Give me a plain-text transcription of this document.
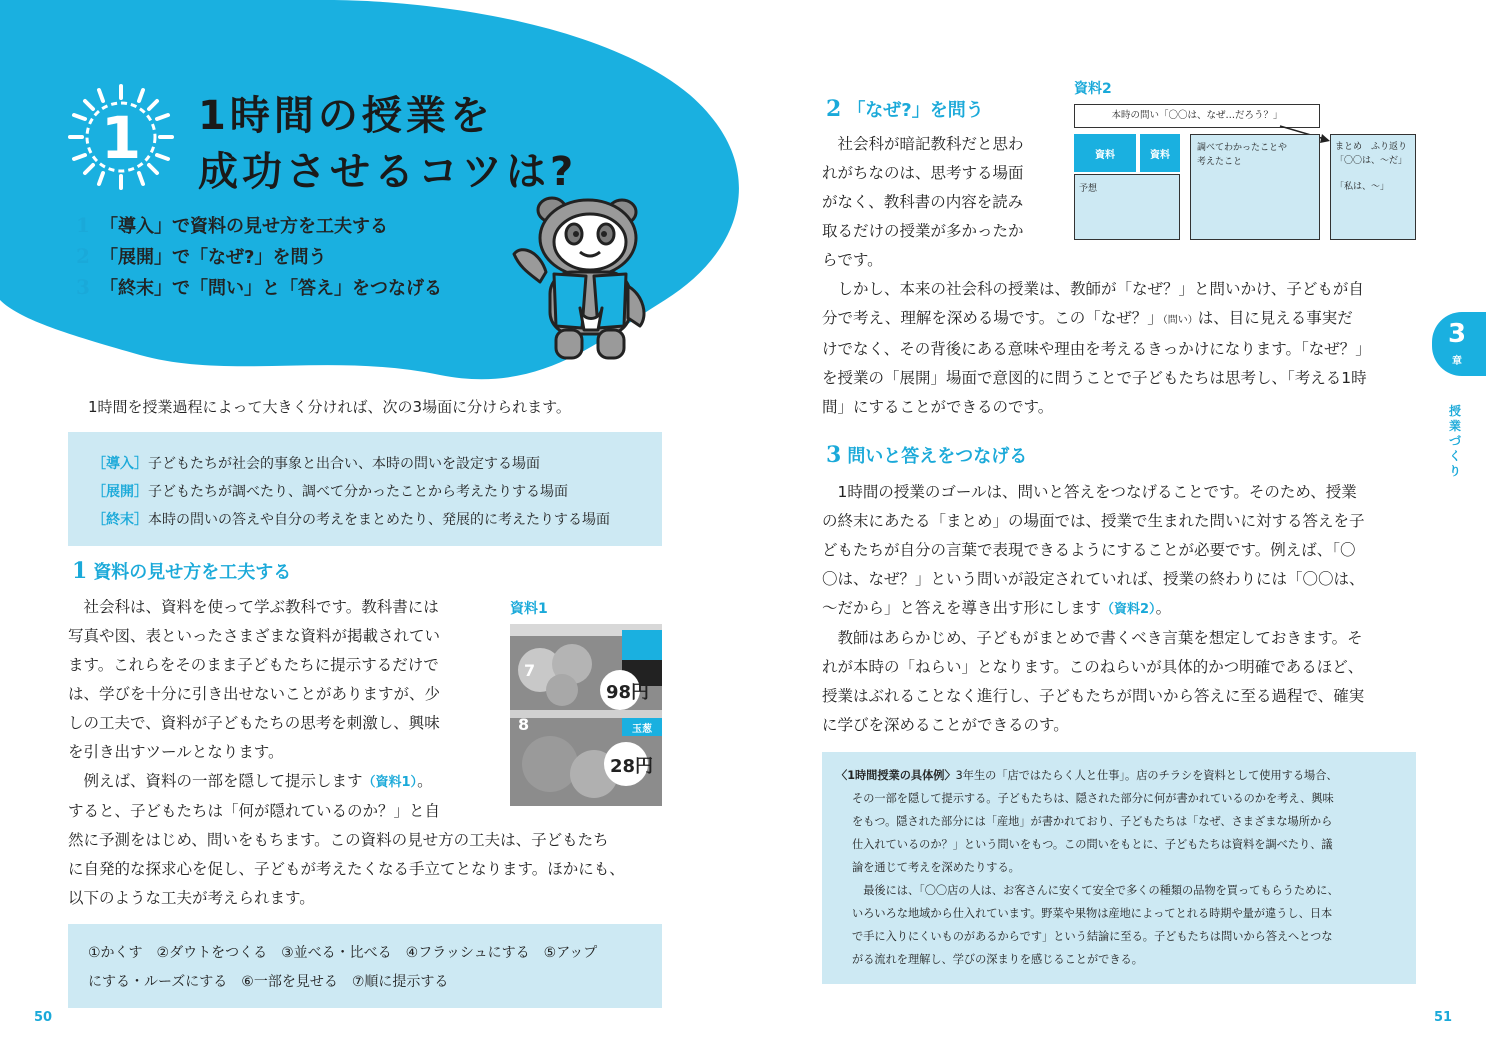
1 1時間の授業を
成功させるコツは?
1 「導入」で資料の見せ方を工夫する
2 「展開」で「なぜ?」を問う
3 「終末」で「問い」と「答え」をつなげる
1時間を授業過程によって大きく分ければ、次の3場面に分けられます。
［導入］子どもたちが社会的事象と出合い、本時の問いを設定する場面
［展開］子どもたちが調べたり、調べて分かったことから考えたりする場面
［終末］本時の問いの答えや自分の考えをまとめたり、発展的に考えたりする場面
1 資料の見せ方を工夫する

　社会科は、資料を使って学ぶ教科です。教科書には

写真や図、表といったさまざまな資料が掲載されてい

ます。これらをそのまま子どもたちに提示するだけで

は、学びを十分に引き出せないことがありますが、少

しの工夫で、資料が子どもたちの思考を刺激し、興味

を引き出すツールとなります。

　例えば、資料の一部を隠して提示します（資料1）。

すると、子どもたちは「何が隠れているのか？」と自

然に予測をはじめ、問いをもちます。この資料の見せ方の工夫は、子どもたち

に自発的な探求心を促し、子どもが考えたくなる手立てとなります。ほかにも、

以下のような工夫が考えられます。

資料1
7
98円
8	玉葱
28円

①かくす　②ダウトをつくる　③並べる・比べる　④フラッシュにする　⑤アップ

にする・ルーズにする　⑥一部を見せる　⑦順に提示する

50	51
2 「なぜ?」を問う

　社会科が暗記教科だと思わ

れがちなのは、思考する場面

がなく、教科書の内容を読み

取るだけの授業が多かったか

らです。

資料2
本時の問い「〇〇は、なぜ…だろう？」
資料	資料
予想
調べてわかったことや
考えたこと
まとめ　ふり返り
「〇〇は、～だ」
「私は、～」

　しかし、本来の社会科の授業は、教師が「なぜ？」と問いかけ、子どもが自

分で考え、理解を深める場です。この「なぜ？」（問い）は、目に見える事実だ

けでなく、その背後にある意味や理由を考えるきっかけになります。「なぜ？」

を授業の「展開」場面で意図的に問うことで子どもたちは思考し、「考える1時

間」にすることができるのです。

3 問いと答えをつなげる

　1時間の授業のゴールは、問いと答えをつなげることです。そのため、授業

の終末にあたる「まとめ」の場面では、授業で生まれた問いに対する答えを子

どもたちが自分の言葉で表現できるようにすることが必要です。例えば、「〇

〇は、なぜ？」という問いが設定されていれば、授業の終わりには「〇〇は、

～だから」と答えを導き出す形にします（資料2）。

　教師はあらかじめ、子どもがまとめで書くべき言葉を想定しておきます。そ

れが本時の「ねらい」となります。このねらいが具体的かつ明確であるほど、

授業はぶれることなく進行し、子どもたちが問いから答えに至る過程で、確実

に学びを深めることができるのす。

〈1時間授業の具体例〉3年生の「店ではたらく人と仕事」。店のチラシを資料として使用する場合、

その一部を隠して提示する。子どもたちは、隠された部分に何が書かれているのかを考え、興味

をもつ。隠された部分には「産地」が書かれており、子どもたちは「なぜ、さまざまな場所から

仕入れているのか？」という問いをもつ。この問いをもとに、子どもたちは資料を調べたり、議

論を通じて考えを深めたりする。

　最後には、「〇〇店の人は、お客さんに安くて安全で多くの種類の品物を買ってもらうために、

いろいろな地域から仕入れています。野菜や果物は産地によってとれる時期や量が違うし、日本

で手に入りにくいものがあるからです」という結論に至る。子どもたちは問いから答えへとつな

がる流れを理解し、学びの深まりを感じることができる。

3
章
授業づくり
